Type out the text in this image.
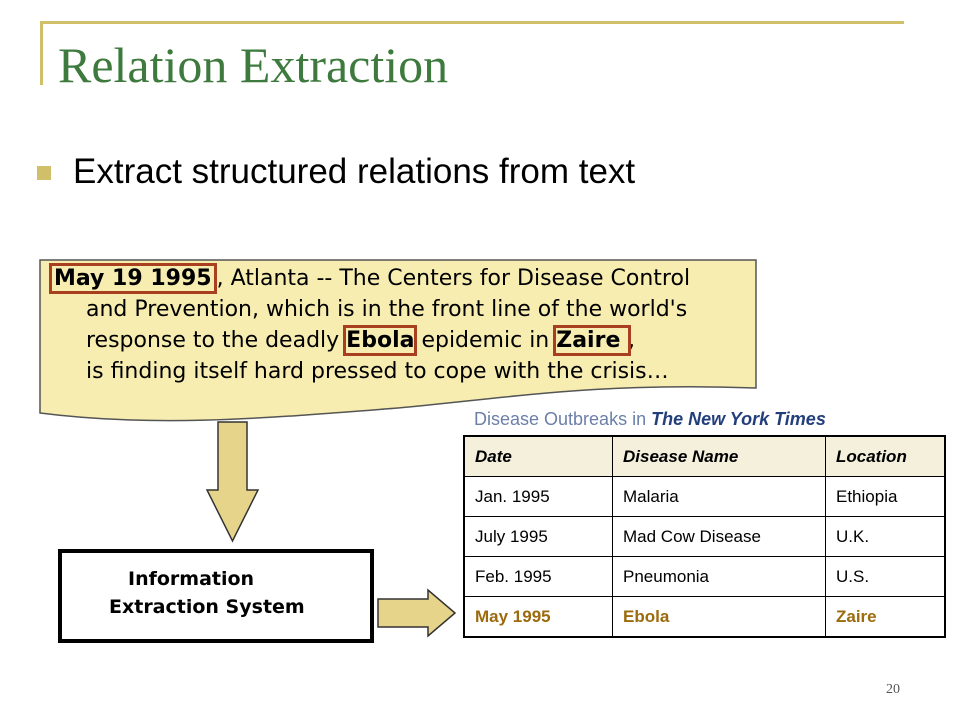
Relation Extraction
Extract structured relations from text
May 19 1995 , Atlanta -- The Centers for Disease Control
and Prevention, which is in the front line of the world's
response to the deadly Ebola epidemic in Zaire ,
is finding itself hard pressed to cope with the crisis…
Information
Extraction System
Disease Outbreaks in The New York Times
Date	Disease Name	Location
Jan. 1995	Malaria	Ethiopia
July 1995	Mad Cow Disease	U.K.
Feb. 1995	Pneumonia	U.S.
May 1995	Ebola	Zaire
20
